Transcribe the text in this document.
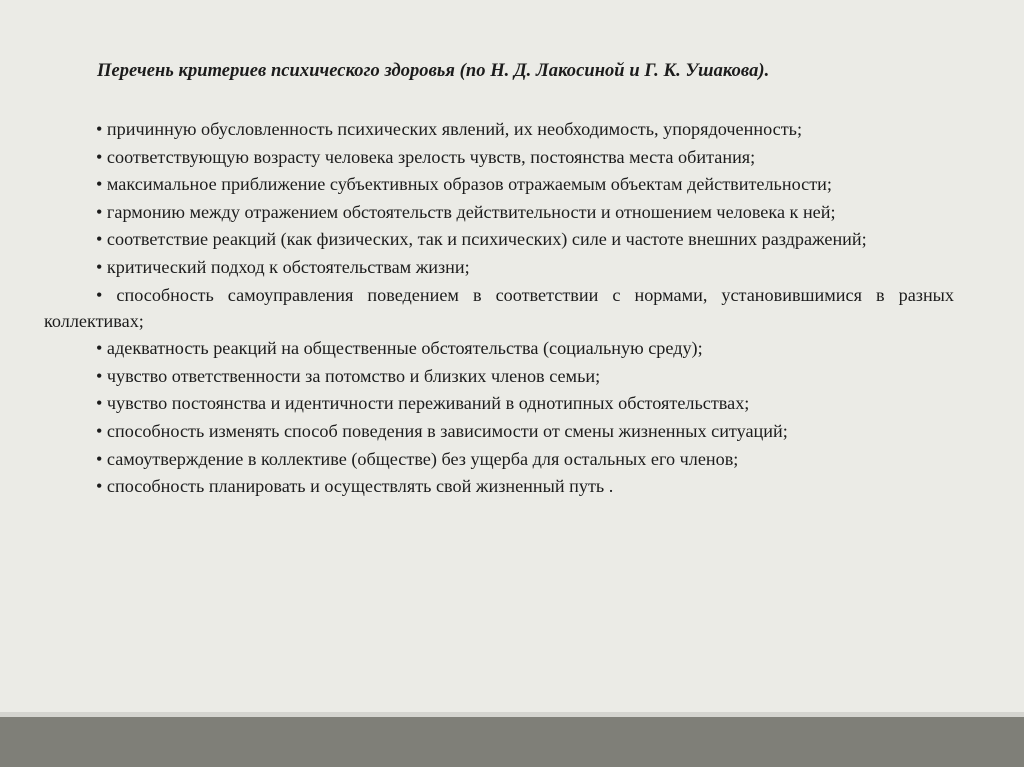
Перечень критериев психического здоровья (по Н. Д. Лакосиной и Г. К. Ушакова).
• причинную обусловленность психических явлений, их необходимость, упорядоченность;
• соответствующую возрасту человека зрелость чувств, постоянства места обитания;
• максимальное приближение субъективных образов отражаемым объектам действительности;
• гармонию между отражением обстоятельств действительности и отношением человека к ней;
• соответствие реакций (как физических, так и психических) силе и частоте внешних раздражений;
• критический подход к обстоятельствам жизни;
• способность самоуправления поведением в соответствии с нормами, установившимися в разных коллективах;
• адекватность реакций на общественные обстоятельства (социальную среду);
• чувство ответственности за потомство и близких членов семьи;
• чувство постоянства и идентичности переживаний в однотипных обстоятельствах;
• способность изменять способ поведения в зависимости от смены жизненных ситуаций;
• самоутверждение в коллективе (обществе) без ущерба для остальных его членов;
• способность планировать и осуществлять свой жизненный путь .
